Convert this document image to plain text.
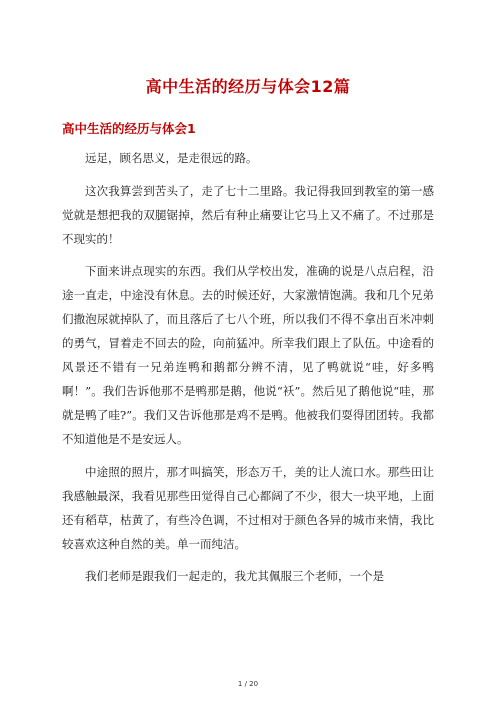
高中生活的经历与体会12篇
高中生活的经历与体会1

远足，顾名思义，是走很远的路。

这次我算尝到苦头了，走了七十二里路。我记得我回到教室的第一感觉就是想把我的双腿锯掉，然后有种止痛要让它马上又不痛了。不过那是不现实的！

下面来讲点现实的东西。我们从学校出发，准确的说是八点启程，沿途一直走，中途没有休息。去的时候还好，大家激情饱满。我和几个兄弟们撒泡尿就掉队了，而且落后了七八个班，所以我们不得不拿出百米冲刺的勇气，冒着走不回去的险，向前猛冲。所幸我们跟上了队伍。中途看的风景还不错有一兄弟连鸭和鹅都分辨不清，见了鸭就说“哇，好多鸭啊！”。我们告诉他那不是鸭那是鹅，他说“袄”。然后见了鹅他说“哇，那就是鸭了哇?”。我们又告诉他那是鸡不是鸭。他被我们耍得团团转。我都不知道他是不是安远人。

中途照的照片，那才叫搞笑，形态万千，美的让人流口水。那些田让我感触最深，我看见那些田觉得自己心都阔了不少，很大一块平地，上面还有稻草，枯黄了，有些冷色调，不过相对于颜色各异的城市来情，我比较喜欢这种自然的美。单一而纯洁。

我们老师是跟我们一起走的，我尤其佩服三个老师，一个是

1 / 20
